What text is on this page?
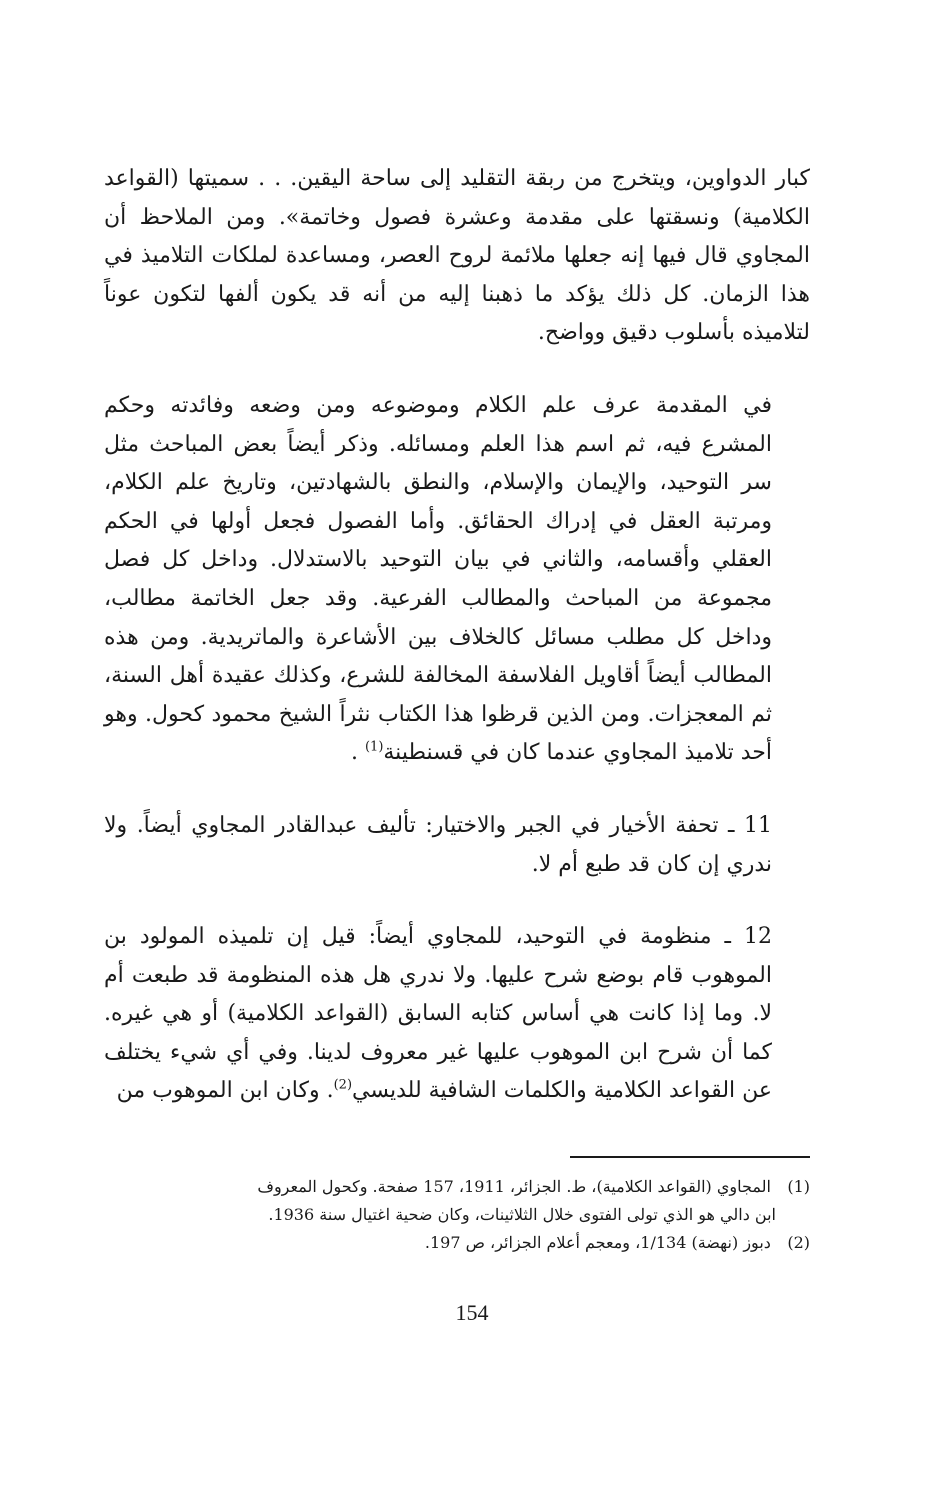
كبار الدواوين، ويتخرج من ربقة التقليد إلى ساحة اليقين. . . سميتها (القواعد الكلامية) ونسقتها على مقدمة وعشرة فصول وخاتمة». ومن الملاحظ أن المجاوي قال فيها إنه جعلها ملائمة لروح العصر، ومساعدة لملكات التلاميذ في هذا الزمان. كل ذلك يؤكد ما ذهبنا إليه من أنه قد يكون ألفها لتكون عوناً لتلاميذه بأسلوب دقيق وواضح.

في المقدمة عرف علم الكلام وموضوعه ومن وضعه وفائدته وحكم المشرع فيه، ثم اسم هذا العلم ومسائله. وذكر أيضاً بعض المباحث مثل سر التوحيد، والإيمان والإسلام، والنطق بالشهادتين، وتاريخ علم الكلام، ومرتبة العقل في إدراك الحقائق. وأما الفصول فجعل أولها في الحكم العقلي وأقسامه، والثاني في بيان التوحيد بالاستدلال. وداخل كل فصل مجموعة من المباحث والمطالب الفرعية. وقد جعل الخاتمة مطالب، وداخل كل مطلب مسائل كالخلاف بين الأشاعرة والماتريدية. ومن هذه المطالب أيضاً أقاويل الفلاسفة المخالفة للشرع، وكذلك عقيدة أهل السنة، ثم المعجزات. ومن الذين قرظوا هذا الكتاب نثراً الشيخ محمود كحول. وهو أحد تلاميذ المجاوي عندما كان في قسنطينة$^{(1)}$ .

11 ـ تحفة الأخيار في الجبر والاختيار: تأليف عبدالقادر المجاوي أيضاً. ولا ندري إن كان قد طبع أم لا.

12 ـ منظومة في التوحيد، للمجاوي أيضاً: قيل إن تلميذه المولود بن الموهوب قام بوضع شرح عليها. ولا ندري هل هذه المنظومة قد طبعت أم لا. وما إذا كانت هي أساس كتابه السابق (القواعد الكلامية) أو هي غيره. كما أن شرح ابن الموهوب عليها غير معروف لدينا. وفي أي شيء يختلف عن القواعد الكلامية والكلمات الشافية للديسي$^{(2)}$. وكان ابن الموهوب من

(1) المجاوي (القواعد الكلامية)، ط. الجزائر، 1911، 157 صفحة. وكحول المعروف

ابن دالي هو الذي تولى الفتوى خلال الثلاثينات، وكان ضحية اغتيال سنة 1936.

(2) دبوز (نهضة) 1/134، ومعجم أعلام الجزائر، ص 197.

154
